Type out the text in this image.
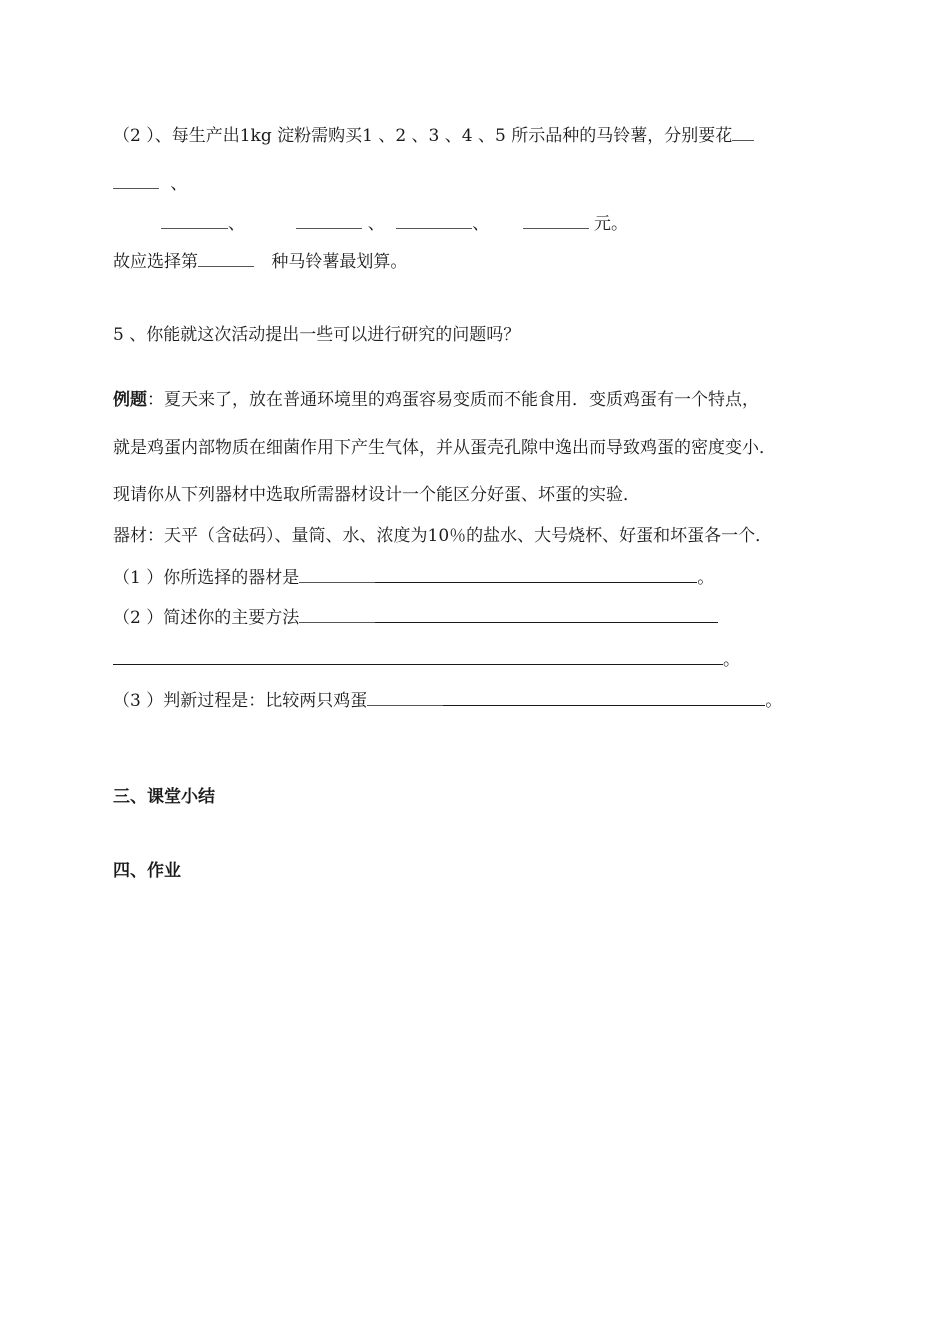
（2 ）、每生产出1kg 淀粉需购买1 、2 、3 、4 、5 所示品种的马铃薯，分别要花
、
、	、	、	元。
故应选择第	种马铃薯最划算。
5 、你能就这次活动提出一些可以进行研究的问题吗？
例题：夏天来了，放在普通环境里的鸡蛋容易变质而不能食用．变质鸡蛋有一个特点，
就是鸡蛋内部物质在细菌作用下产生气体，并从蛋壳孔隙中逸出而导致鸡蛋的密度变小．
现请你从下列器材中选取所需器材设计一个能区分好蛋、坏蛋的实验．
器材：天平（含砝码）、量筒、水、浓度为10％的盐水、大号烧杯、好蛋和坏蛋各一个．
（1 ）你所选择的器材是	。
（2 ）简述你的主要方法
。
（3 ）判新过程是：比较两只鸡蛋	。
三、课堂小结
四、作业
